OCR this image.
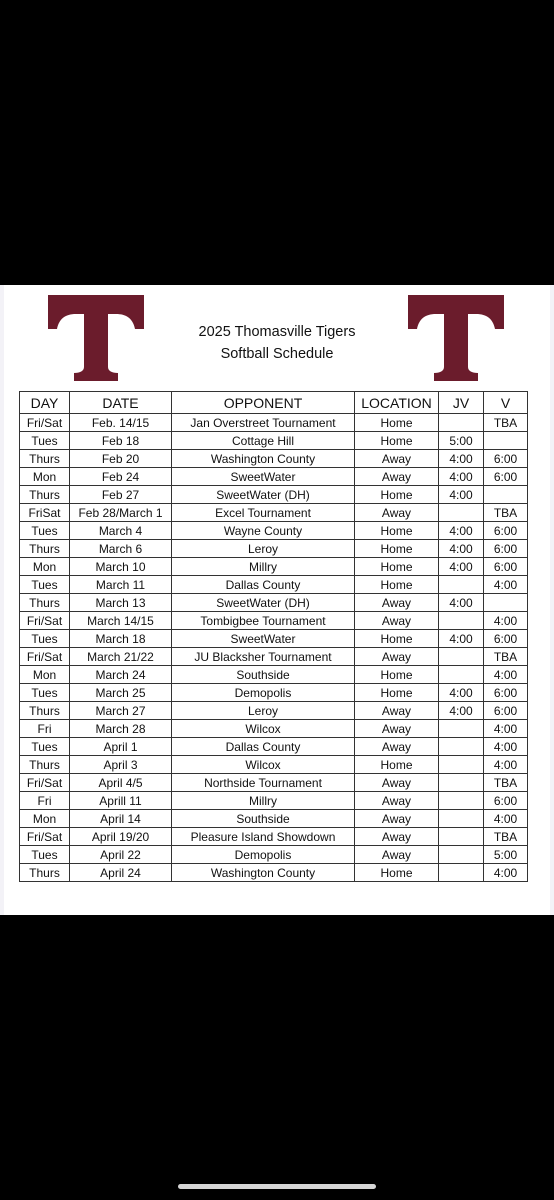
2025 Thomasville Tigers
Softball Schedule
DAY	DATE	OPPONENT	LOCATION	JV	V
Fri/Sat	Feb. 14/15	Jan Overstreet Tournament	Home		TBA
Tues	Feb 18	Cottage Hill	Home	5:00	
Thurs	Feb 20	Washington County	Away	4:00	6:00
Mon	Feb 24	SweetWater	Away	4:00	6:00
Thurs	Feb 27	SweetWater (DH)	Home	4:00	
FriSat	Feb 28/March 1	Excel Tournament	Away		TBA
Tues	March 4	Wayne County	Home	4:00	6:00
Thurs	March 6	Leroy	Home	4:00	6:00
Mon	March 10	Millry	Home	4:00	6:00
Tues	March 11	Dallas County	Home		4:00
Thurs	March 13	SweetWater (DH)	Away	4:00	
Fri/Sat	March 14/15	Tombigbee Tournament	Away		4:00
Tues	March 18	SweetWater	Home	4:00	6:00
Fri/Sat	March 21/22	JU Blacksher Tournament	Away		TBA
Mon	March 24	Southside	Home		4:00
Tues	March 25	Demopolis	Home	4:00	6:00
Thurs	March 27	Leroy	Away	4:00	6:00
Fri	March 28	Wilcox	Away		4:00
Tues	April 1	Dallas County	Away		4:00
Thurs	April 3	Wilcox	Home		4:00
Fri/Sat	April 4/5	Northside Tournament	Away		TBA
Fri	Aprill 11	Millry	Away		6:00
Mon	April 14	Southside	Away		4:00
Fri/Sat	April 19/20	Pleasure Island Showdown	Away		TBA
Tues	April 22	Demopolis	Away		5:00
Thurs	April 24	Washington County	Home		4:00
